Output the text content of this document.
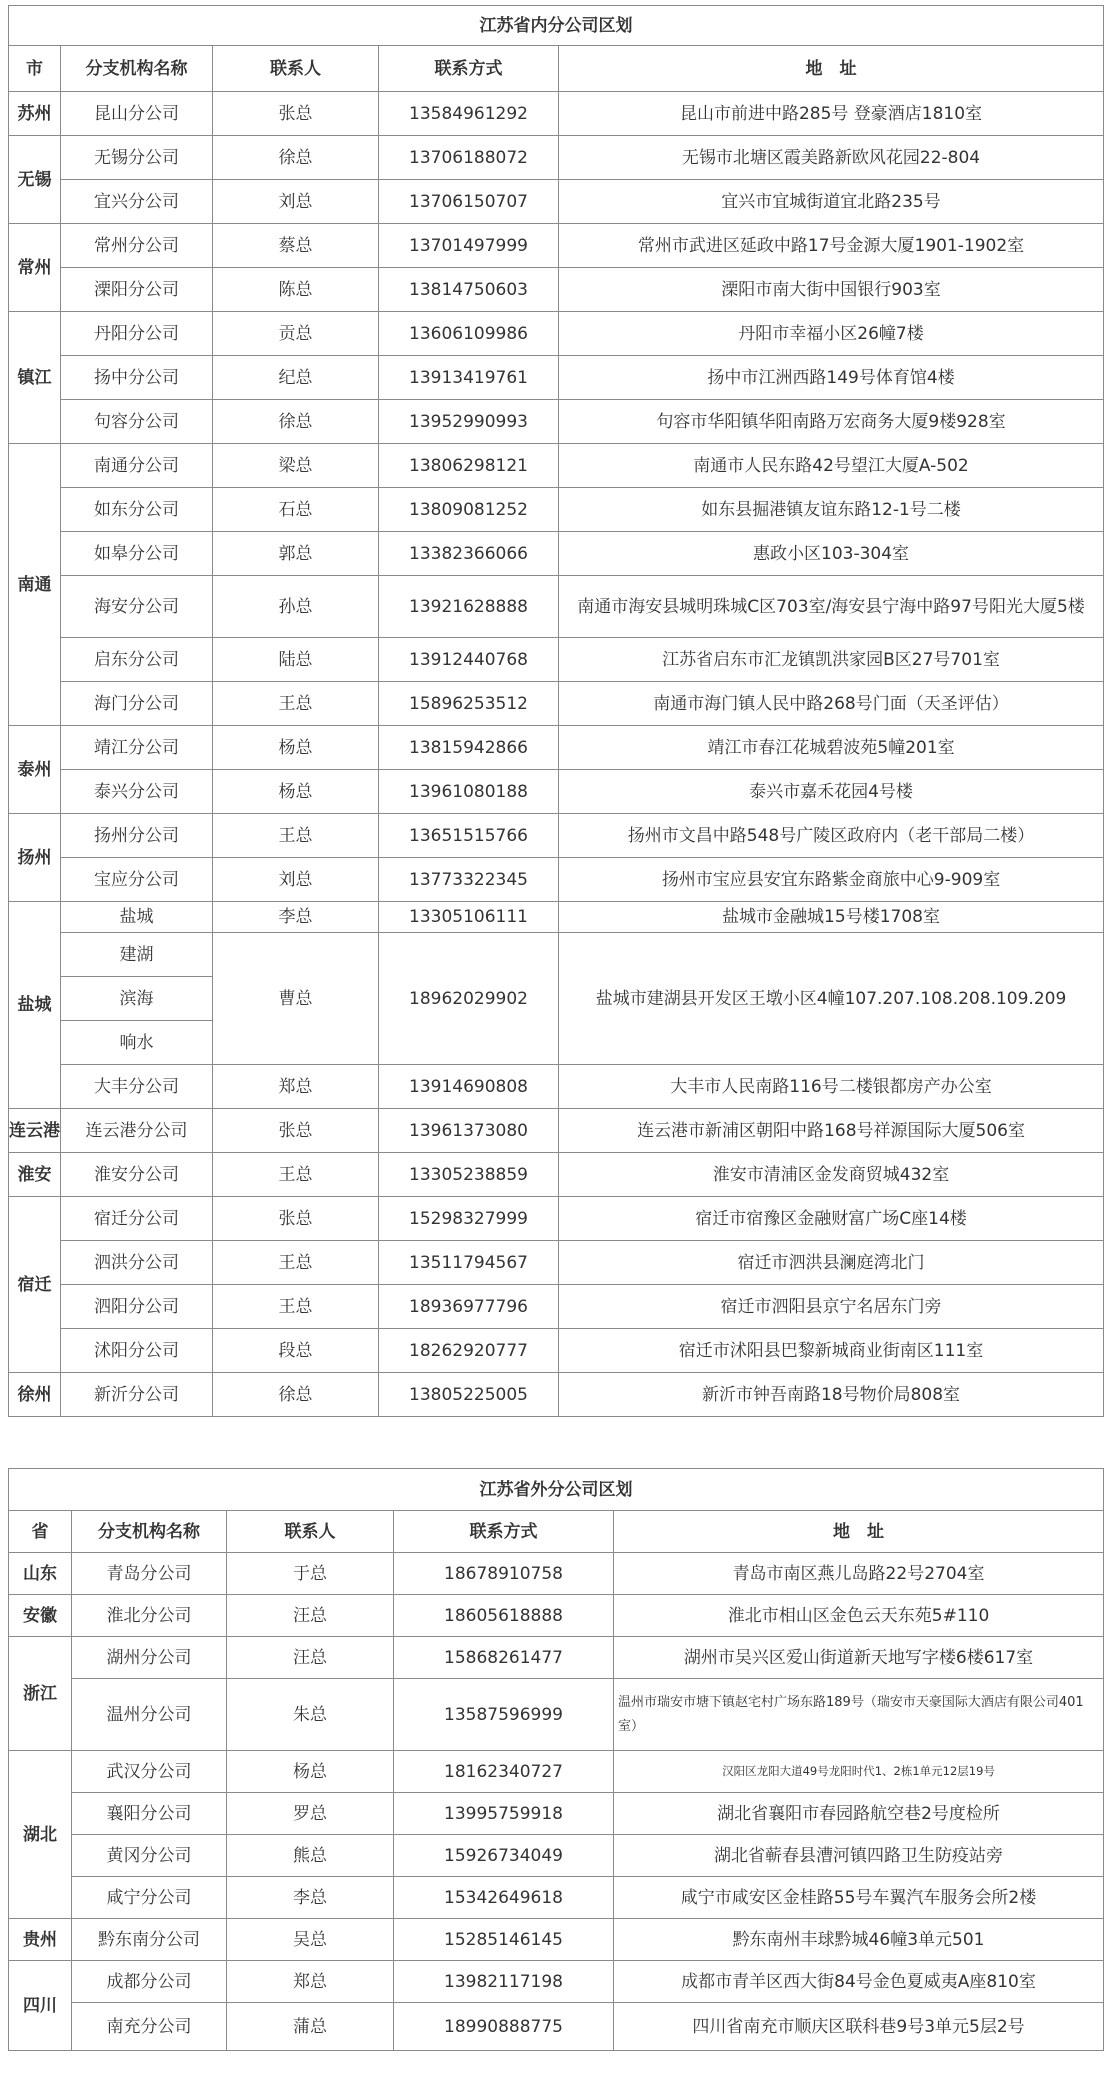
江苏省内分公司区划				
市	分支机构名称	联系人	联系方式	地　址
苏州	昆山分公司	张总	13584961292	昆山市前进中路285号 登豪酒店1810室
无锡	无锡分公司	徐总	13706188072	无锡市北塘区霞美路新欧风花园22-804
	宜兴分公司	刘总	13706150707	宜兴市宜城街道宜北路235号
常州	常州分公司	蔡总	13701497999	常州市武进区延政中路17号金源大厦1901-1902室
	溧阳分公司	陈总	13814750603	溧阳市南大街中国银行903室
镇江	丹阳分公司	贡总	13606109986	丹阳市幸福小区26幢7楼
	扬中分公司	纪总	13913419761	扬中市江洲西路149号体育馆4楼
	句容分公司	徐总	13952990993	句容市华阳镇华阳南路万宏商务大厦9楼928室
南通	南通分公司	梁总	13806298121	南通市人民东路42号望江大厦A-502
	如东分公司	石总	13809081252	如东县掘港镇友谊东路12-1号二楼
	如皋分公司	郭总	13382366066	惠政小区103-304室
	海安分公司	孙总	13921628888	南通市海安县城明珠城C区703室/海安县宁海中路97号阳光大厦5楼
	启东分公司	陆总	13912440768	江苏省启东市汇龙镇凯洪家园B区27号701室
	海门分公司	王总	15896253512	南通市海门镇人民中路268号门面（天圣评估）
泰州	靖江分公司	杨总	13815942866	靖江市春江花城碧波苑5幢201室
	泰兴分公司	杨总	13961080188	泰兴市嘉禾花园4号楼
扬州	扬州分公司	王总	13651515766	扬州市文昌中路548号广陵区政府内（老干部局二楼）
	宝应分公司	刘总	13773322345	扬州市宝应县安宜东路紫金商旅中心9-909室
盐城	盐城	李总	13305106111	盐城市金融城15号楼1708室
	建湖	曹总	18962029902	盐城市建湖县开发区王墩小区4幢107.207.108.208.109.209
	滨海			
	响水			
	大丰分公司	郑总	13914690808	大丰市人民南路116号二楼银都房产办公室
连云港	连云港分公司	张总	13961373080	连云港市新浦区朝阳中路168号祥源国际大厦506室
淮安	淮安分公司	王总	13305238859	淮安市清浦区金发商贸城432室
宿迁	宿迁分公司	张总	15298327999	宿迁市宿豫区金融财富广场C座14楼
	泗洪分公司	王总	13511794567	宿迁市泗洪县澜庭湾北门
	泗阳分公司	王总	18936977796	宿迁市泗阳县京宁名居东门旁
	沭阳分公司	段总	18262920777	宿迁市沭阳县巴黎新城商业街南区111室
徐州	新沂分公司	徐总	13805225005	新沂市钟吾南路18号物价局808室
江苏省外分公司区划				
省	分支机构名称	联系人	联系方式	地　址
山东	青岛分公司	于总	18678910758	青岛市南区燕儿岛路22号2704室
安徽	淮北分公司	汪总	18605618888	淮北市相山区金色云天东苑5#110
浙江	湖州分公司	汪总	15868261477	湖州市吴兴区爱山街道新天地写字楼6楼617室
	温州分公司	朱总	13587596999	温州市瑞安市塘下镇赵宅村广场东路189号（瑞安市天豪国际大酒店有限公司401室）
湖北	武汉分公司	杨总	18162340727	汉阳区龙阳大道49号龙阳时代1、2栋1单元12层19号
	襄阳分公司	罗总	13995759918	湖北省襄阳市春园路航空巷2号度检所
	黄冈分公司	熊总	15926734049	湖北省蕲春县漕河镇四路卫生防疫站旁
	咸宁分公司	李总	15342649618	咸宁市咸安区金桂路55号车翼汽车服务会所2楼
贵州	黔东南分公司	吴总	15285146145	黔东南州丰球黔城46幢3单元501
四川	成都分公司	郑总	13982117198	成都市青羊区西大街84号金色夏威夷A座810室
	南充分公司	蒲总	18990888775	四川省南充市顺庆区联科巷9号3单元5层2号
